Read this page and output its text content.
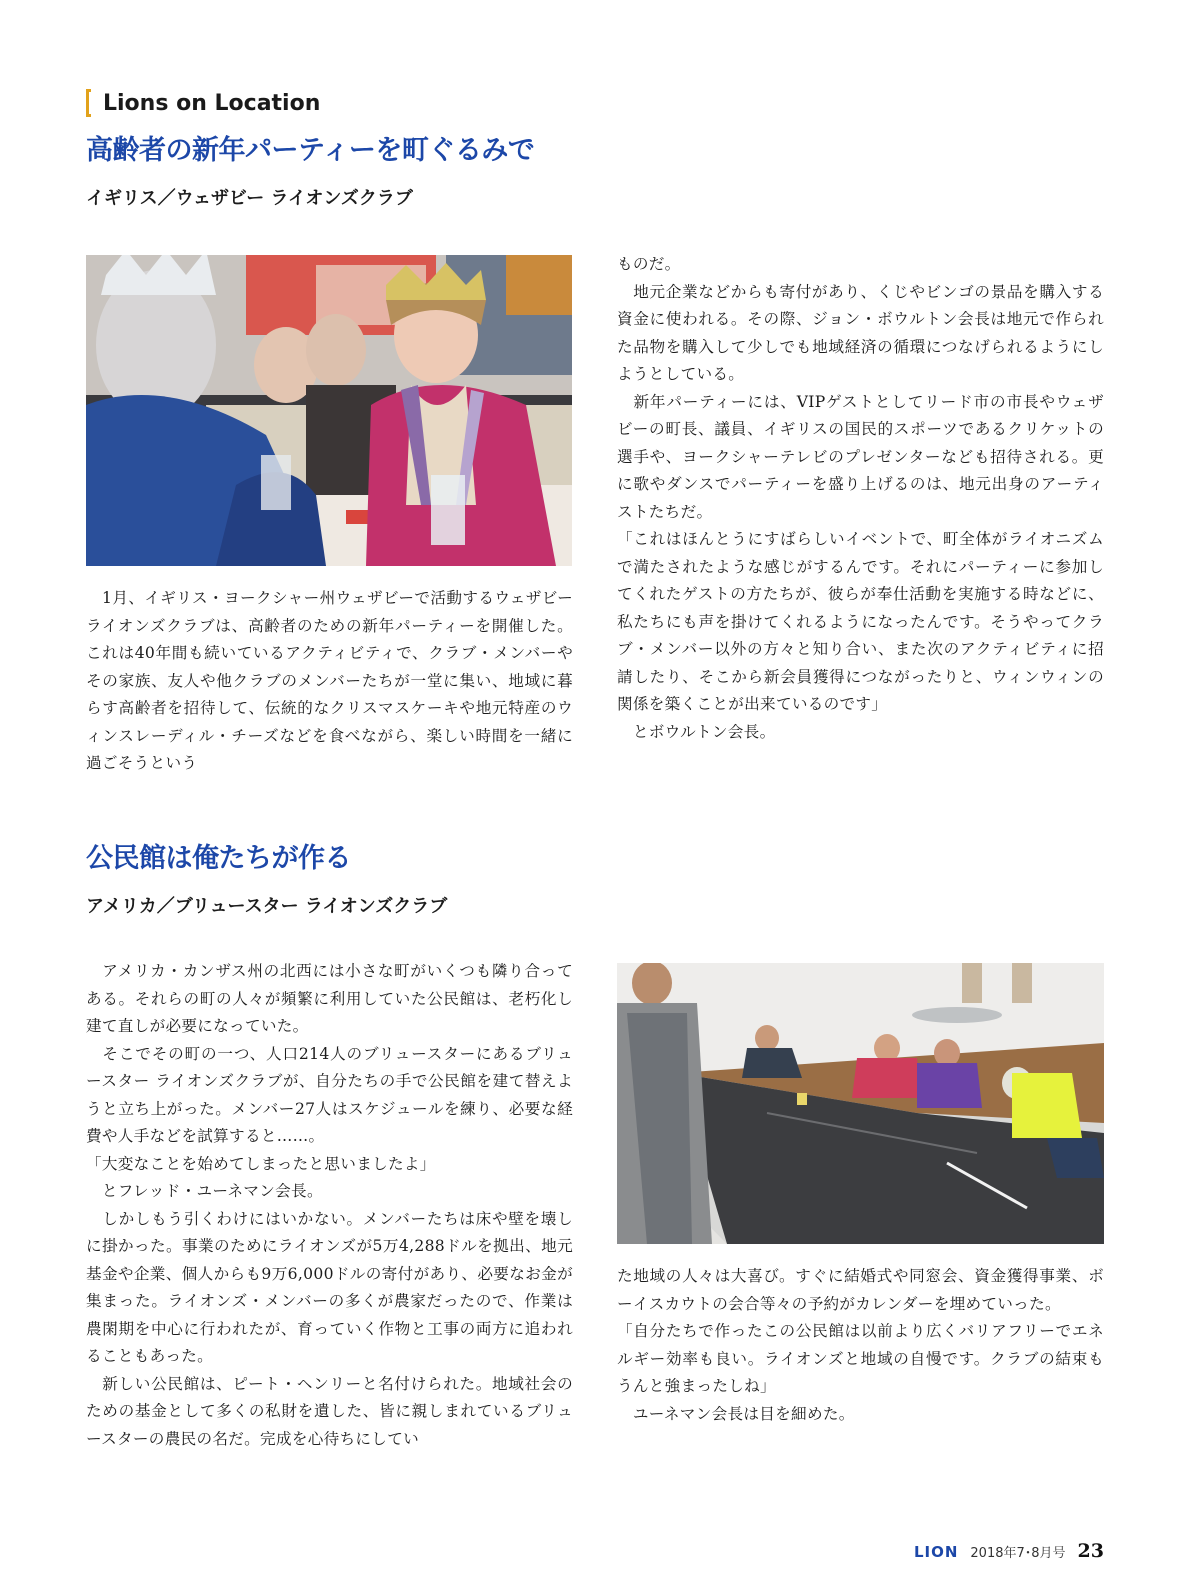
Lions on Location
高齢者の新年パーティーを町ぐるみで
イギリス／ウェザビー ライオンズクラブ

　1月、イギリス・ヨークシャー州ウェザビーで活動するウェザビー ライオンズクラブは、高齢者のための新年パーティーを開催した。これは40年間も続いているアクティビティで、クラブ・メンバーやその家族、友人や他クラブのメンバーたちが一堂に集い、地域に暮らす高齢者を招待して、伝統的なクリスマスケーキや地元特産のウィンスレーディル・チーズなどを食べながら、楽しい時間を一緒に過ごそうという

ものだ。

　地元企業などからも寄付があり、くじやビンゴの景品を購入する資金に使われる。その際、ジョン・ボウルトン会長は地元で作られた品物を購入して少しでも地域経済の循環につなげられるようにしようとしている。

　新年パーティーには、VIPゲストとしてリード市の市長やウェザビーの町長、議員、イギリスの国民的スポーツであるクリケットの選手や、ヨークシャーテレビのプレゼンターなども招待される。更に歌やダンスでパーティーを盛り上げるのは、地元出身のアーティストたちだ。

「これはほんとうにすばらしいイベントで、町全体がライオニズムで満たされたような感じがするんです。それにパーティーに参加してくれたゲストの方たちが、彼らが奉仕活動を実施する時などに、私たちにも声を掛けてくれるようになったんです。そうやってクラブ・メンバー以外の方々と知り合い、また次のアクティビティに招請したり、そこから新会員獲得につながったりと、ウィンウィンの関係を築くことが出来ているのです」

　とボウルトン会長。

公民館は俺たちが作る
アメリカ／ブリュースター ライオンズクラブ

　アメリカ・カンザス州の北西には小さな町がいくつも隣り合ってある。それらの町の人々が頻繁に利用していた公民館は、老朽化し建て直しが必要になっていた。

　そこでその町の一つ、人口214人のブリュースターにあるブリュースター ライオンズクラブが、自分たちの手で公民館を建て替えようと立ち上がった。メンバー27人はスケジュールを練り、必要な経費や人手などを試算すると……。

「大変なことを始めてしまったと思いましたよ」

　とフレッド・ユーネマン会長。

　しかしもう引くわけにはいかない。メンバーたちは床や壁を壊しに掛かった。事業のためにライオンズが5万4,288ドルを拠出、地元基金や企業、個人からも9万6,000ドルの寄付があり、必要なお金が集まった。ライオンズ・メンバーの多くが農家だったので、作業は農閑期を中心に行われたが、育っていく作物と工事の両方に追われることもあった。

　新しい公民館は、ピート・ヘンリーと名付けられた。地域社会のための基金として多くの私財を遺した、皆に親しまれているブリュースターの農民の名だ。完成を心待ちにしてい

た地域の人々は大喜び。すぐに結婚式や同窓会、資金獲得事業、ボーイスカウトの会合等々の予約がカレンダーを埋めていった。

「自分たちで作ったこの公民館は以前より広くバリアフリーでエネルギー効率も良い。ライオンズと地域の自慢です。クラブの結束もうんと強まったしね」

　ユーネマン会長は目を細めた。

LION 2018年7･8月号 23
